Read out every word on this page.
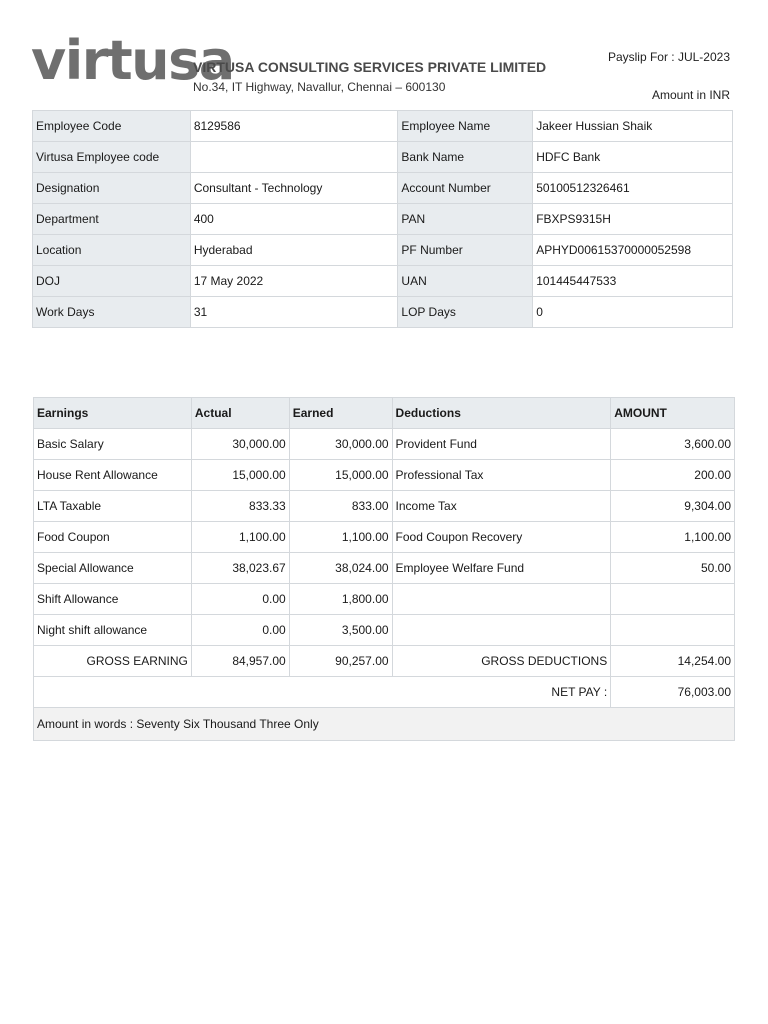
virtusa
VIRTUSA CONSULTING SERVICES PRIVATE LIMITED
No.34, IT Highway, Navallur, Chennai – 600130
Payslip For : JUL-2023
Amount in INR
Employee Code	8129586	Employee Name	Jakeer Hussian Shaik
Virtusa Employee code		Bank Name	HDFC Bank
Designation	Consultant - Technology	Account Number	50100512326461
Department	400	PAN	FBXPS9315H
Location	Hyderabad	PF Number	APHYD00615370000052598
DOJ	17 May 2022	UAN	101445447533
Work Days	31	LOP Days	0
Earnings	Actual	Earned	Deductions	AMOUNT
Basic Salary	30,000.00	30,000.00	Provident Fund	3,600.00
House Rent Allowance	15,000.00	15,000.00	Professional Tax	200.00
LTA Taxable	833.33	833.00	Income Tax	9,304.00
Food Coupon	1,100.00	1,100.00	Food Coupon Recovery	1,100.00
Special Allowance	38,023.67	38,024.00	Employee Welfare Fund	50.00
Shift Allowance	0.00	1,800.00		
Night shift allowance	0.00	3,500.00		
GROSS EARNING	84,957.00	90,257.00	GROSS DEDUCTIONS	14,254.00
NET PAY :				76,003.00
Amount in words : Seventy Six Thousand Three Only				
